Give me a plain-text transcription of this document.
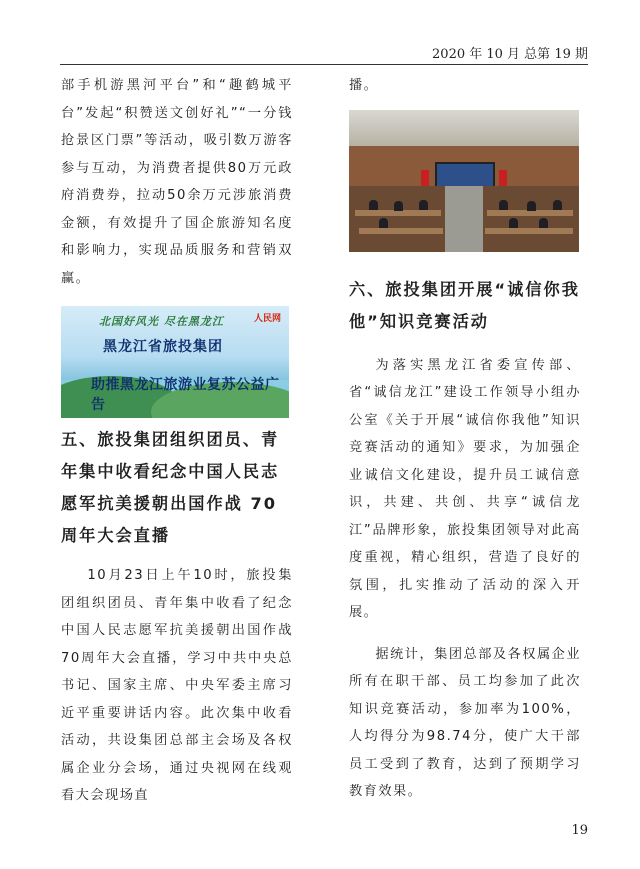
2020 年 10 月 总第 19 期

部手机游黑河平台”和“趣鹤城平台”发起“积赞送文创好礼”“一分钱抢景区门票”等活动，吸引数万游客参与互动，为消费者提供80万元政府消费券，拉动50余万元涉旅消费金额，有效提升了国企旅游知名度和影响力，实现品质服务和营销双赢。

北国好风光 尽在黑龙江	人民网
黑龙江省旅投集团
助推黑龙江旅游业复苏公益广告

五、旅投集团组织团员、青年集中收看纪念中国人民志愿军抗美援朝出国作战 70 周年大会直播

10月23日上午10时，旅投集团组织团员、青年集中收看了纪念中国人民志愿军抗美援朝出国作战70周年大会直播，学习中共中央总书记、国家主席、中央军委主席习近平重要讲话内容。此次集中收看活动，共设集团总部主会场及各权属企业分会场，通过央视网在线观看大会现场直

播。

六、旅投集团开展“诚信你我他”知识竞赛活动

为落实黑龙江省委宣传部、省“诚信龙江”建设工作领导小组办公室《关于开展“诚信你我他”知识竞赛活动的通知》要求，为加强企业诚信文化建设，提升员工诚信意识，共建、共创、共享“诚信龙江”品牌形象，旅投集团领导对此高度重视，精心组织，营造了良好的氛围，扎实推动了活动的深入开展。

据统计，集团总部及各权属企业所有在职干部、员工均参加了此次知识竞赛活动，参加率为100%，人均得分为98.74分，使广大干部员工受到了教育，达到了预期学习教育效果。

19
